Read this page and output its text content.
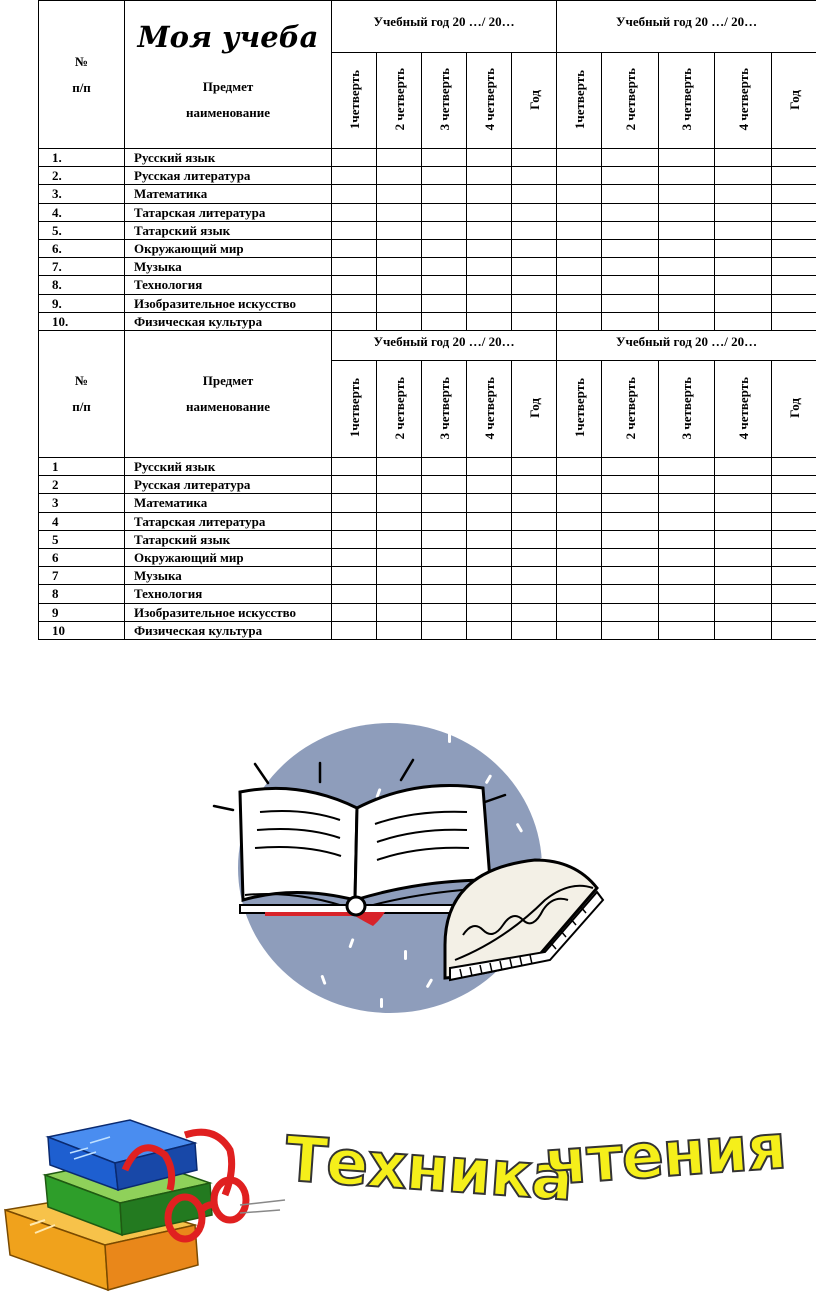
№
п/п	Моя учеба
Предмет
наименование	Учебный год 20 …/ 20…					Учебный год 20 …/ 20…				
		1четверть	2 четверть	3 четверть	4 четверть	Год	1четверть	2 четверть	3 четверть	4 четверть	Год
1.	Русский язык										
2.	Русская литература										
3.	Математика										
4.	Татарская литература										
5.	Татарский язык										
6.	Окружающий мир										
7.	Музыка										
8.	Технология										
9.	Изобразительное искусство										
10.	Физическая культура										
№
п/п	Предмет
наименование	Учебный год 20 …/ 20…					Учебный год 20 …/ 20…				
		1четверть	2 четверть	3 четверть	4 четверть	Год	1четверть	2 четверть	3 четверть	4 четверть	Год
1	Русский язык										
2	Русская литература										
3	Математика										
4	Татарская литература										
5	Татарский язык										
6	Окружающий мир										
7	Музыка										
8	Технология										
9	Изобразительное искусство										
10	Физическая культура										
Техника
чтения
